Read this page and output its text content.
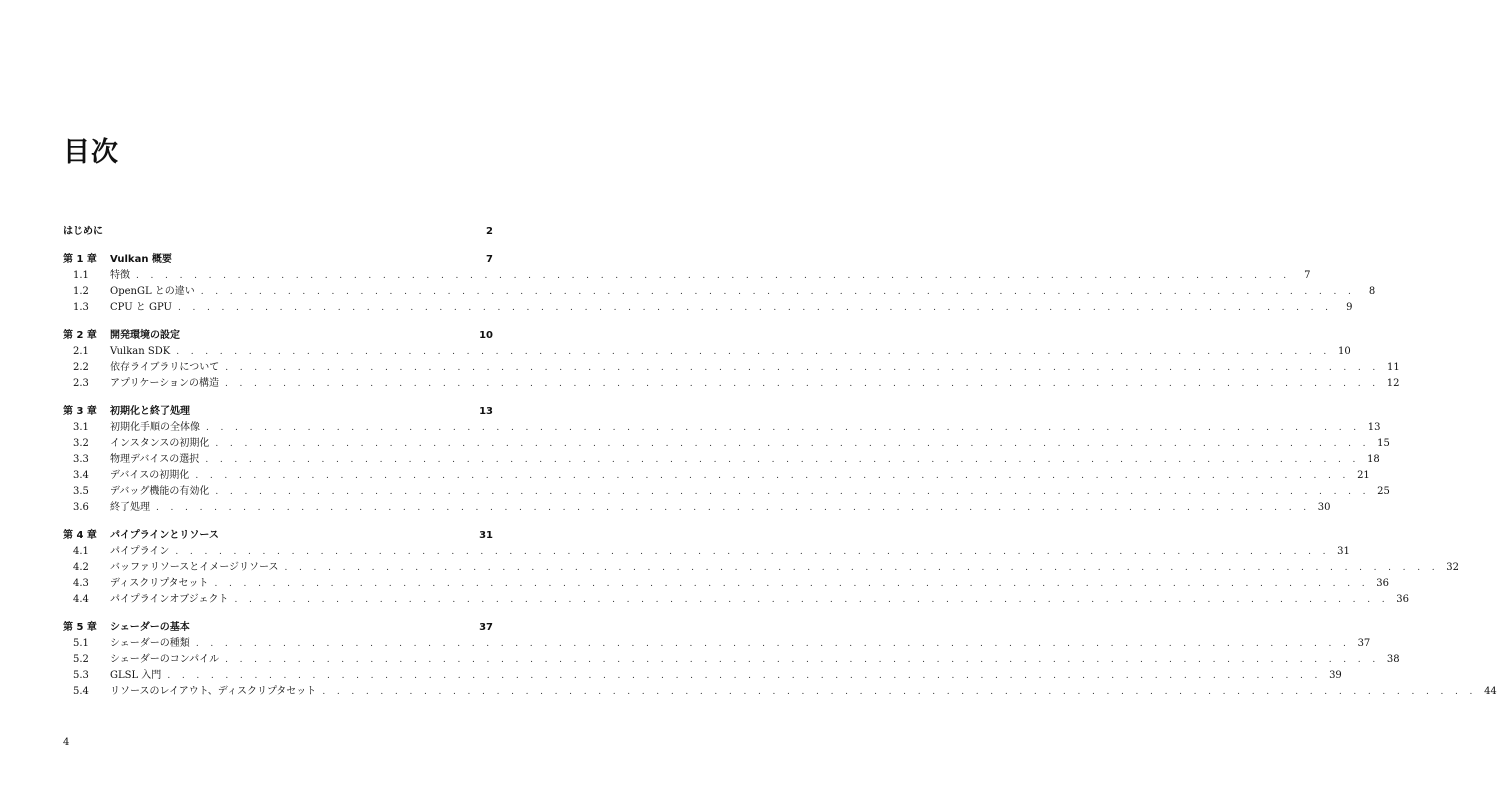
目次
はじめに	2
第 1 章	Vulkan 概要	7
1.1	特徴 . . . . . . . . . . . . . . . . . . . . . . . . . . . . . . . . . . . . . . . . . . . . . . . . . . . . . . . . . . . . . . . . . . . . . . . . . . . . . . . .	7
1.2	OpenGL との違い . . . . . . . . . . . . . . . . . . . . . . . . . . . . . . . . . . . . . . . . . . . . . . . . . . . . . . . . . . . . . . . . . . . . . . . . . . . . . . . .	8
1.3	CPU と GPU . . . . . . . . . . . . . . . . . . . . . . . . . . . . . . . . . . . . . . . . . . . . . . . . . . . . . . . . . . . . . . . . . . . . . . . . . . . . . . . .	9
第 2 章	開発環境の設定	10
2.1	Vulkan SDK . . . . . . . . . . . . . . . . . . . . . . . . . . . . . . . . . . . . . . . . . . . . . . . . . . . . . . . . . . . . . . . . . . . . . . . . . . . . . . . . 10
2.2	依存ライブラリについて . . . . . . . . . . . . . . . . . . . . . . . . . . . . . . . . . . . . . . . . . . . . . . . . . . . . . . . . . . . . . . . . . . . . . . . . . . . . . . . . 11
2.3	アプリケーションの構造 . . . . . . . . . . . . . . . . . . . . . . . . . . . . . . . . . . . . . . . . . . . . . . . . . . . . . . . . . . . . . . . . . . . . . . . . . . . . . . . . 12
第 3 章	初期化と終了処理	13
3.1	初期化手順の全体像 . . . . . . . . . . . . . . . . . . . . . . . . . . . . . . . . . . . . . . . . . . . . . . . . . . . . . . . . . . . . . . . . . . . . . . . . . . . . . . . . 13
3.2	インスタンスの初期化 . . . . . . . . . . . . . . . . . . . . . . . . . . . . . . . . . . . . . . . . . . . . . . . . . . . . . . . . . . . . . . . . . . . . . . . . . . . . . . . . 15
3.3	物理デバイスの選択 . . . . . . . . . . . . . . . . . . . . . . . . . . . . . . . . . . . . . . . . . . . . . . . . . . . . . . . . . . . . . . . . . . . . . . . . . . . . . . . . 18
3.4	デバイスの初期化 . . . . . . . . . . . . . . . . . . . . . . . . . . . . . . . . . . . . . . . . . . . . . . . . . . . . . . . . . . . . . . . . . . . . . . . . . . . . . . . . 21
3.5	デバッグ機能の有効化 . . . . . . . . . . . . . . . . . . . . . . . . . . . . . . . . . . . . . . . . . . . . . . . . . . . . . . . . . . . . . . . . . . . . . . . . . . . . . . . . 25
3.6	終了処理 . . . . . . . . . . . . . . . . . . . . . . . . . . . . . . . . . . . . . . . . . . . . . . . . . . . . . . . . . . . . . . . . . . . . . . . . . . . . . . . . 30
第 4 章	パイプラインとリソース	31
4.1	パイプライン . . . . . . . . . . . . . . . . . . . . . . . . . . . . . . . . . . . . . . . . . . . . . . . . . . . . . . . . . . . . . . . . . . . . . . . . . . . . . . . . 31
4.2	バッファリソースとイメージリソース . . . . . . . . . . . . . . . . . . . . . . . . . . . . . . . . . . . . . . . . . . . . . . . . . . . . . . . . . . . . . . . . . . . . . . . . . . . . . . . . 32
4.3	ディスクリプタセット . . . . . . . . . . . . . . . . . . . . . . . . . . . . . . . . . . . . . . . . . . . . . . . . . . . . . . . . . . . . . . . . . . . . . . . . . . . . . . . . 36
4.4	パイプラインオブジェクト . . . . . . . . . . . . . . . . . . . . . . . . . . . . . . . . . . . . . . . . . . . . . . . . . . . . . . . . . . . . . . . . . . . . . . . . . . . . . . . . 36
第 5 章	シェーダーの基本	37
5.1	シェーダーの種類 . . . . . . . . . . . . . . . . . . . . . . . . . . . . . . . . . . . . . . . . . . . . . . . . . . . . . . . . . . . . . . . . . . . . . . . . . . . . . . . . 37
5.2	シェーダーのコンパイル . . . . . . . . . . . . . . . . . . . . . . . . . . . . . . . . . . . . . . . . . . . . . . . . . . . . . . . . . . . . . . . . . . . . . . . . . . . . . . . . 38
5.3	GLSL 入門 . . . . . . . . . . . . . . . . . . . . . . . . . . . . . . . . . . . . . . . . . . . . . . . . . . . . . . . . . . . . . . . . . . . . . . . . . . . . . . . . 39
5.4	リソースのレイアウト、ディスクリプタセット . . . . . . . . . . . . . . . . . . . . . . . . . . . . . . . . . . . . . . . . . . . . . . . . . . . . . . . . . . . . . . . . . . . . . . . . . . . . . . . . 44
4
